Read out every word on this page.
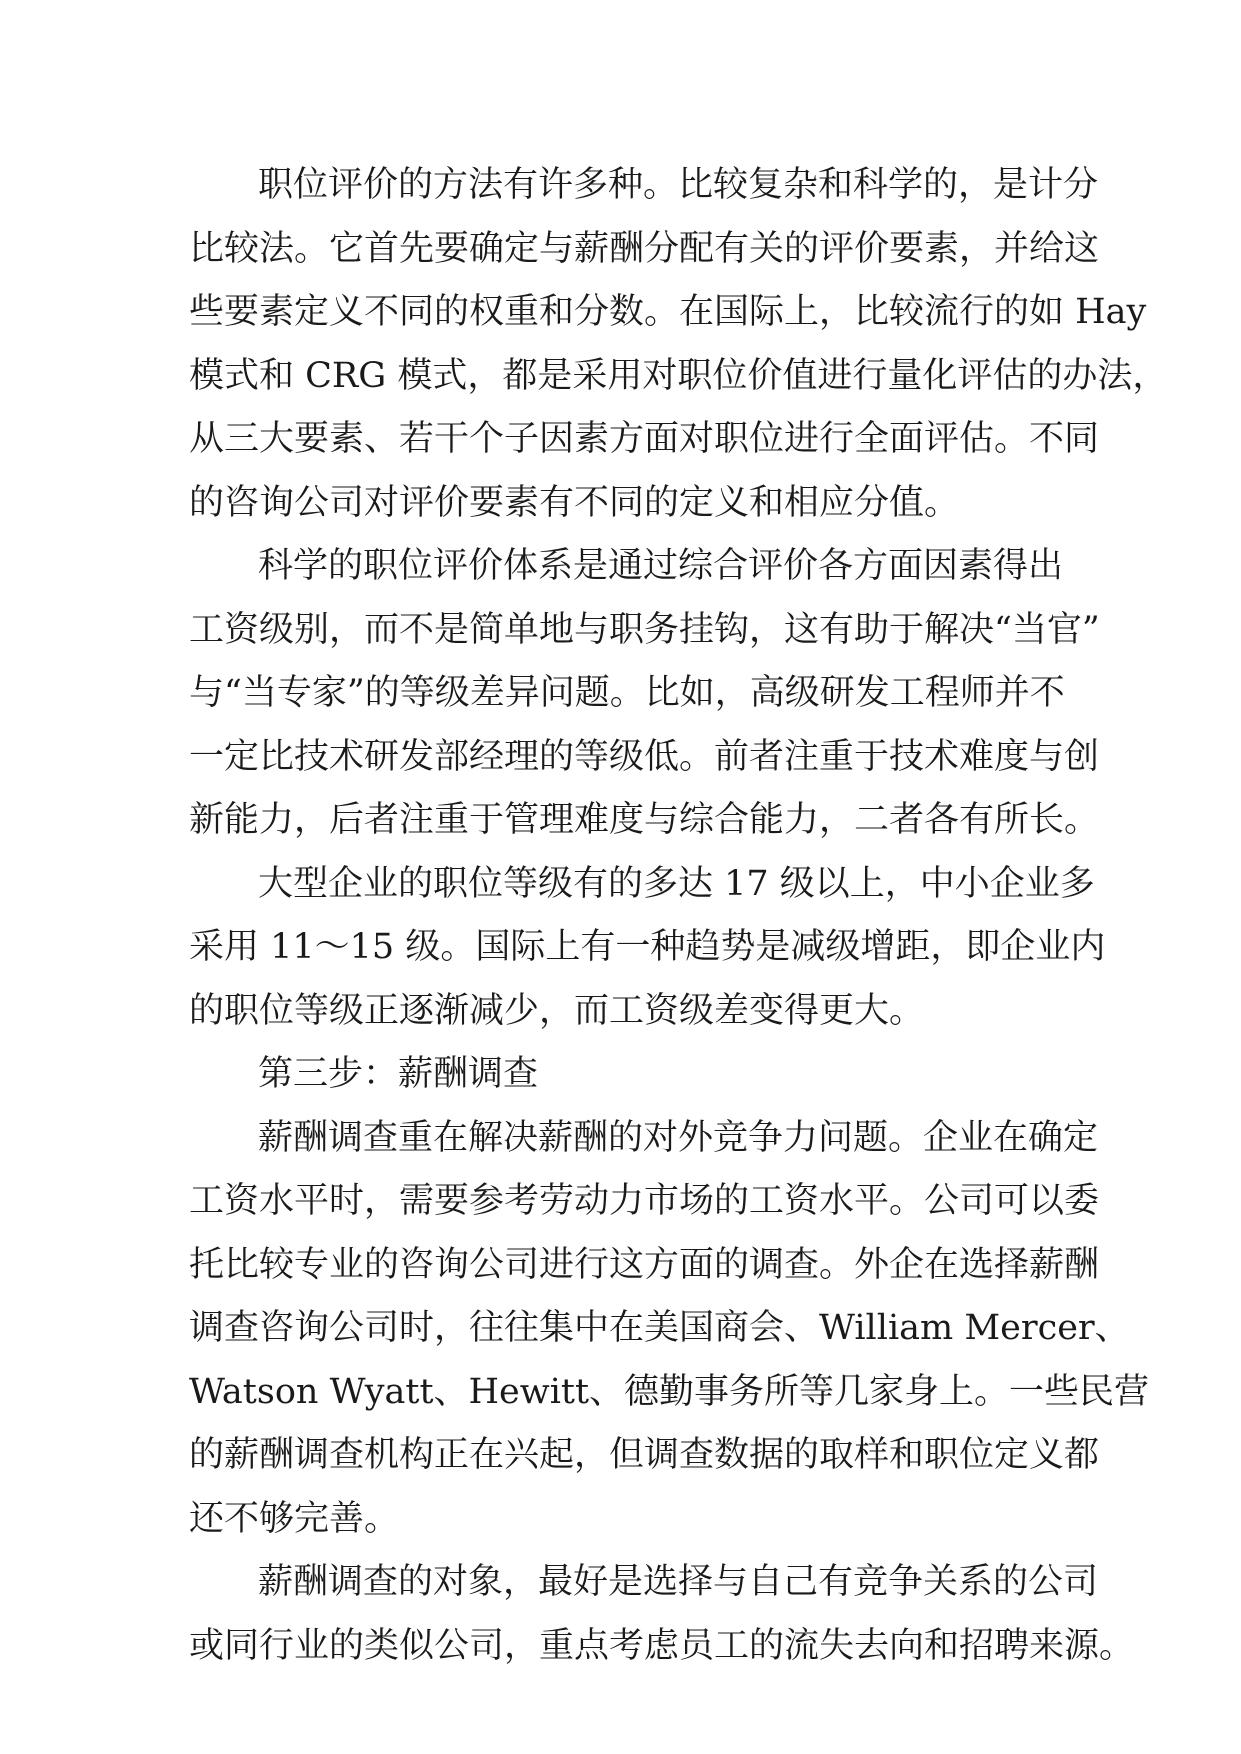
职位评价的方法有许多种。比较复杂和科学的，是计分
比较法。它首先要确定与薪酬分配有关的评价要素，并给这
些要素定义不同的权重和分数。在国际上，比较流行的如 Hay
模式和 CRG 模式，都是采用对职位价值进行量化评估的办法，
从三大要素、若干个子因素方面对职位进行全面评估。不同
的咨询公司对评价要素有不同的定义和相应分值。
科学的职位评价体系是通过综合评价各方面因素得出
工资级别，而不是简单地与职务挂钩，这有助于解决“当官”
与“当专家”的等级差异问题。比如，高级研发工程师并不
一定比技术研发部经理的等级低。前者注重于技术难度与创
新能力，后者注重于管理难度与综合能力，二者各有所长。
大型企业的职位等级有的多达 17 级以上，中小企业多
采用 11～15 级。国际上有一种趋势是减级增距，即企业内
的职位等级正逐渐减少，而工资级差变得更大。
第三步：薪酬调查
薪酬调查重在解决薪酬的对外竞争力问题。企业在确定
工资水平时，需要参考劳动力市场的工资水平。公司可以委
托比较专业的咨询公司进行这方面的调查。外企在选择薪酬
调查咨询公司时，往往集中在美国商会、William Mercer、
Watson Wyatt、Hewitt、德勤事务所等几家身上。一些民营
的薪酬调查机构正在兴起，但调查数据的取样和职位定义都
还不够完善。
薪酬调查的对象，最好是选择与自己有竞争关系的公司
或同行业的类似公司，重点考虑员工的流失去向和招聘来源。
